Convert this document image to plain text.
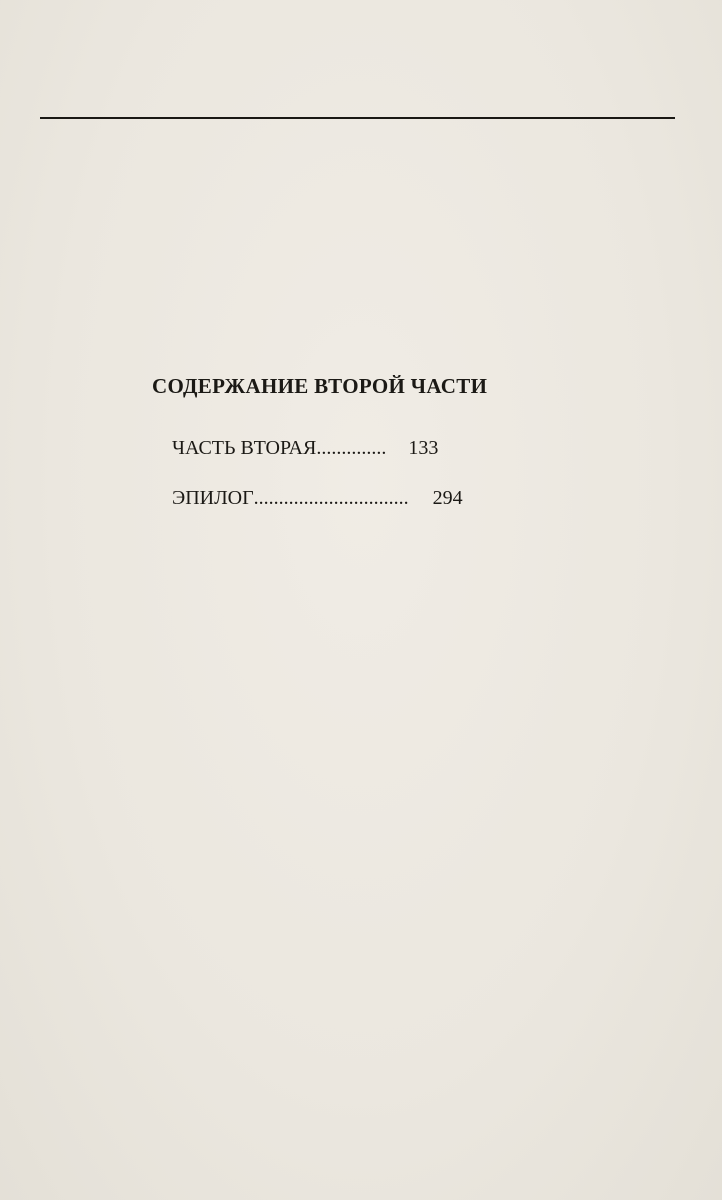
СОДЕРЖАНИЕ ВТОРОЙ ЧАСТИ
ЧАСТЬ ВТОРАЯ.............. 133
ЭПИЛОГ............................... 294
